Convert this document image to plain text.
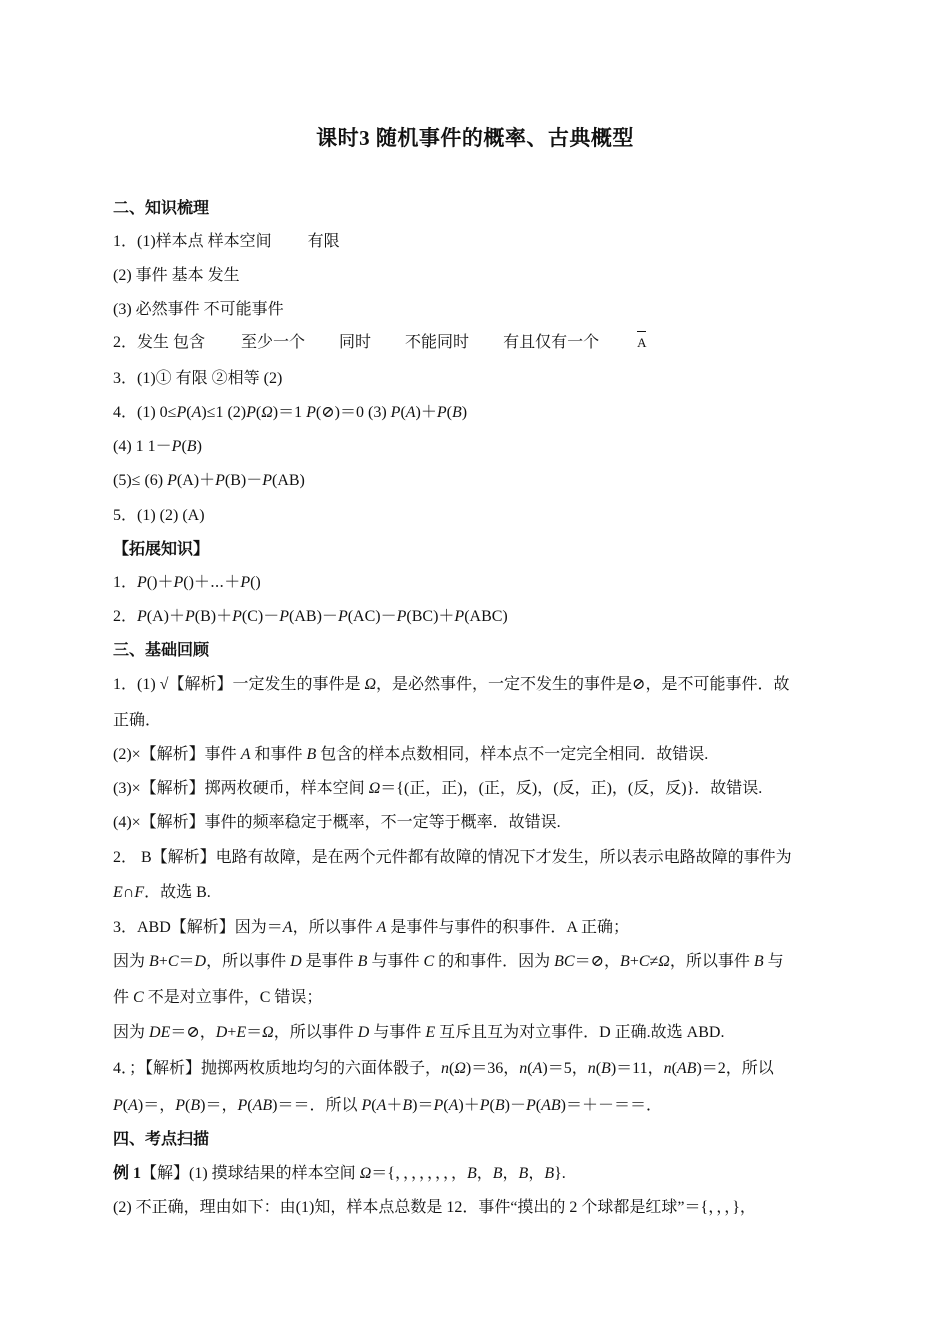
课时3 随机事件的概率、古典概型
二、知识梳理
1．(1)样本点 样本空间 有限
(2) 事件 基本 发生
(3) 必然事件 不可能事件
2．发生 包含 至少一个 同时 不能同时 有且仅有一个	A
3．(1)① 有限 ②相等 (2)
4．(1) 0≤P(A)≤1 (2)P(Ω)＝1 P(⊘)＝0 (3) P(A)＋P(B)
(4) 1 1－P(B)
(5)≤ (6) P(A)＋P(B)－P(AB)
5．(1) (2) (A)
【拓展知识】
1．P()＋P()＋⋯＋P()
2．P(A)＋P(B)＋P(C)－P(AB)－P(AC)－P(BC)＋P(ABC)
三、基础回顾
1．(1) √【解析】一定发生的事件是 Ω，是必然事件，一定不发生的事件是⊘，是不可能事件．故
正确．
(2)×【解析】事件 A 和事件 B 包含的样本点数相同，样本点不一定完全相同．故错误.
(3)×【解析】掷两枚硬币，样本空间 Ω＝{(正，正)，(正，反)，(反，正)，(反，反)}．故错误.
(4)×【解析】事件的频率稳定于概率，不一定等于概率．故错误.
2． B【解析】电路有故障，是在两个元件都有故障的情况下才发生，所以表示电路故障的事件为
E∩F．故选 B.
3．ABD【解析】因为＝A，所以事件 A 是事件与事件的积事件．A 正确；
因为 B+C＝D，所以事件 D 是事件 B 与事件 C 的和事件．因为 BC＝⊘，B+C≠Ω，所以事件 B 与
件 C 不是对立事件，C 错误；
因为 DE＝⊘，D+E＝Ω，所以事件 D 与事件 E 互斥且互为对立事件．D 正确.故选 ABD.
4．；【解析】抛掷两枚质地均匀的六面体骰子，n(Ω)＝36，n(A)＝5，n(B)＝11，n(AB)＝2，所以
P(A)＝，P(B)＝，P(AB)＝＝．所以 P(A＋B)＝P(A)＋P(B)－P(AB)＝＋－＝＝．
四、考点扫描
例 1【解】(1) 摸球结果的样本空间 Ω＝{，，，，，，，，B，B，B，B}.
(2) 不正确，理由如下：由(1)知，样本点总数是 12．事件“摸出的 2 个球都是红球”＝{，，，}，
